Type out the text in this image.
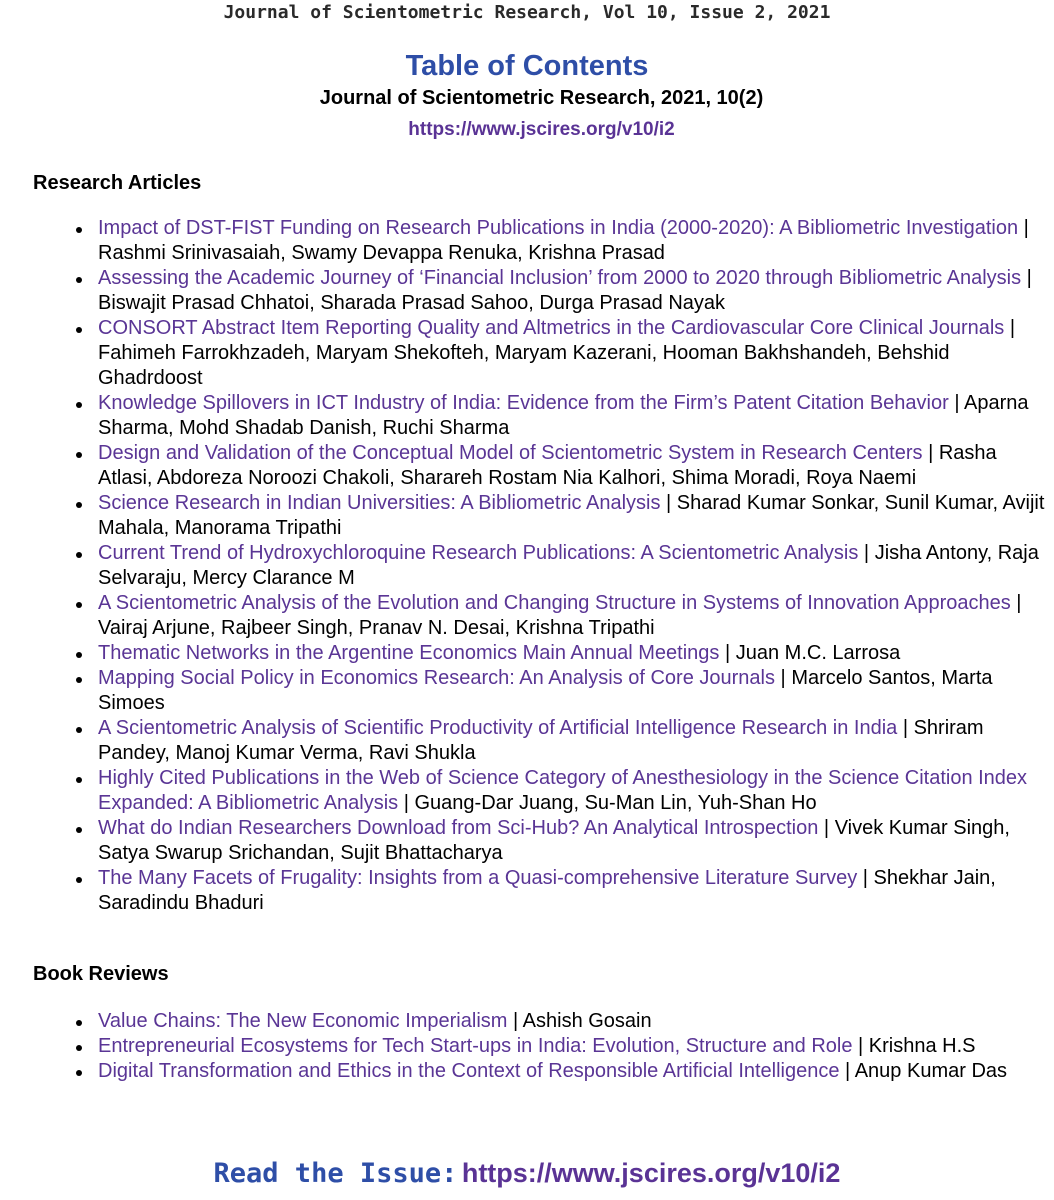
Journal of Scientometric Research, Vol 10, Issue 2, 2021
Table of Contents
Journal of Scientometric Research, 2021, 10(2)
https://www.jscires.org/v10/i2
Research Articles
Impact of DST-FIST Funding on Research Publications in India (2000-2020): A Bibliometric Investigation | Rashmi Srinivasaiah, Swamy Devappa Renuka, Krishna Prasad
Assessing the Academic Journey of ‘Financial Inclusion’ from 2000 to 2020 through Bibliometric Analysis | Biswajit Prasad Chhatoi, Sharada Prasad Sahoo, Durga Prasad Nayak
CONSORT Abstract Item Reporting Quality and Altmetrics in the Cardiovascular Core Clinical Journals | Fahimeh Farrokhzadeh, Maryam Shekofteh, Maryam Kazerani, Hooman Bakhshandeh, Behshid Ghadrdoost
Knowledge Spillovers in ICT Industry of India: Evidence from the Firm’s Patent Citation Behavior | Aparna Sharma, Mohd Shadab Danish, Ruchi Sharma
Design and Validation of the Conceptual Model of Scientometric System in Research Centers | Rasha Atlasi, Abdoreza Noroozi Chakoli, Sharareh Rostam Nia Kalhori, Shima Moradi, Roya Naemi
Science Research in Indian Universities: A Bibliometric Analysis | Sharad Kumar Sonkar, Sunil Kumar, Avijit Mahala, Manorama Tripathi
Current Trend of Hydroxychloroquine Research Publications: A Scientometric Analysis | Jisha Antony, Raja Selvaraju, Mercy Clarance M
A Scientometric Analysis of the Evolution and Changing Structure in Systems of Innovation Approaches | Vairaj Arjune, Rajbeer Singh, Pranav N. Desai, Krishna Tripathi
Thematic Networks in the Argentine Economics Main Annual Meetings | Juan M.C. Larrosa
Mapping Social Policy in Economics Research: An Analysis of Core Journals | Marcelo Santos, Marta Simoes
A Scientometric Analysis of Scientific Productivity of Artificial Intelligence Research in India | Shriram Pandey, Manoj Kumar Verma, Ravi Shukla
Highly Cited Publications in the Web of Science Category of Anesthesiology in the Science Citation Index Expanded: A Bibliometric Analysis | Guang-Dar Juang, Su-Man Lin, Yuh-Shan Ho
What do Indian Researchers Download from Sci-Hub? An Analytical Introspection | Vivek Kumar Singh, Satya Swarup Srichandan, Sujit Bhattacharya
The Many Facets of Frugality: Insights from a Quasi-comprehensive Literature Survey | Shekhar Jain, Saradindu Bhaduri
Book Reviews
Value Chains: The New Economic Imperialism | Ashish Gosain
Entrepreneurial Ecosystems for Tech Start-ups in India: Evolution, Structure and Role | Krishna H.S
Digital Transformation and Ethics in the Context of Responsible Artificial Intelligence | Anup Kumar Das
Read the Issue: https://www.jscires.org/v10/i2
